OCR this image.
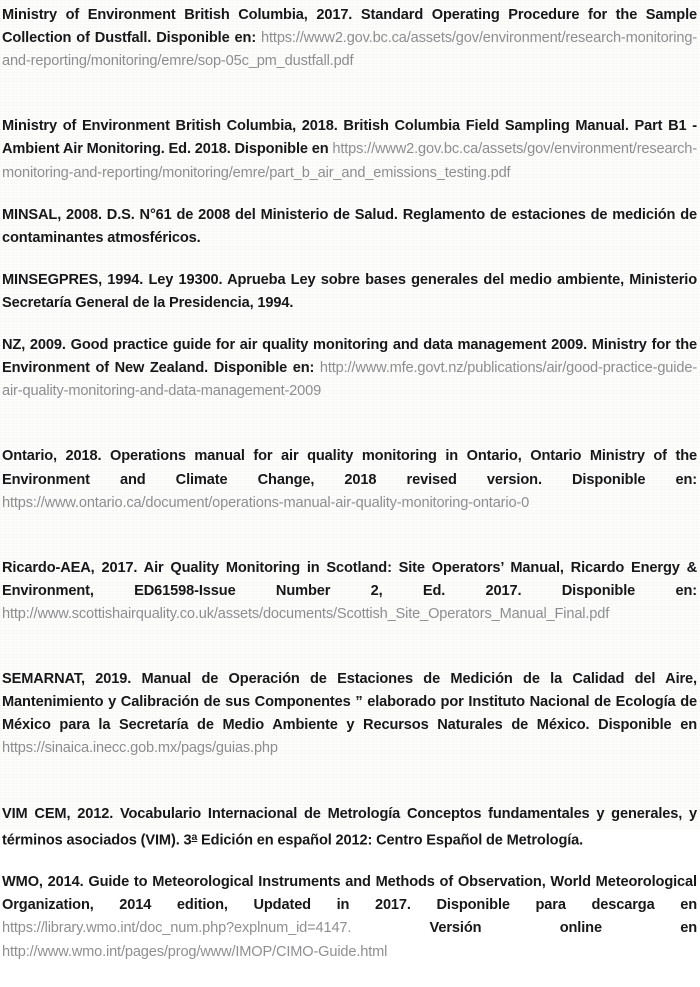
Ministry of Environment British Columbia, 2017. Standard Operating Procedure for the Sample Collection of Dustfall. Disponible en: https://www2.gov.bc.ca/assets/gov/environment/research-monitoring-and-reporting/monitoring/emre/sop-05c_pm_dustfall.pdf

Ministry of Environment British Columbia, 2018. British Columbia Field Sampling Manual. Part B1 - Ambient Air Monitoring. Ed. 2018. Disponible en https://www2.gov.bc.ca/assets/gov/environment/research-monitoring-and-reporting/monitoring/emre/part_b_air_and_emissions_testing.pdf

MINSAL, 2008. D.S. N°61 de 2008 del Ministerio de Salud. Reglamento de estaciones de medición de contaminantes atmosféricos.

MINSEGPRES, 1994. Ley 19300. Aprueba Ley sobre bases generales del medio ambiente, Ministerio Secretaría General de la Presidencia, 1994.

NZ, 2009. Good practice guide for air quality monitoring and data management 2009. Ministry for the Environment of New Zealand. Disponible en: http://www.mfe.govt.nz/publications/air/good-practice-guide-air-quality-monitoring-and-data-management-2009

Ontario, 2018. Operations manual for air quality monitoring in Ontario, Ontario Ministry of the Environment and Climate Change, 2018 revised version. Disponible en: https://www.ontario.ca/document/operations-manual-air-quality-monitoring-ontario-0

Ricardo-AEA, 2017. Air Quality Monitoring in Scotland: Site Operators’ Manual, Ricardo Energy & Environment, ED61598-Issue Number 2, Ed. 2017. Disponible en: http://www.scottishairquality.co.uk/assets/documents/Scottish_Site_Operators_Manual_Final.pdf

SEMARNAT, 2019. Manual de Operación de Estaciones de Medición de la Calidad del Aire, Mantenimiento y Calibración de sus Componentes ” elaborado por Instituto Nacional de Ecología de México para la Secretaría de Medio Ambiente y Recursos Naturales de México. Disponible en https://sinaica.inecc.gob.mx/pags/guias.php

VIM CEM, 2012. Vocabulario Internacional de Metrología Conceptos fundamentales y generales, y términos asociados (VIM). 3$^a$ Edición en español 2012: Centro Español de Metrología.

WMO, 2014. Guide to Meteorological Instruments and Methods of Observation, World Meteorological Organization, 2014 edition, Updated in 2017. Disponible para descarga en https://library.wmo.int/doc_num.php?explnum_id=4147. Versión online en http://www.wmo.int/pages/prog/www/IMOP/CIMO-Guide.html
